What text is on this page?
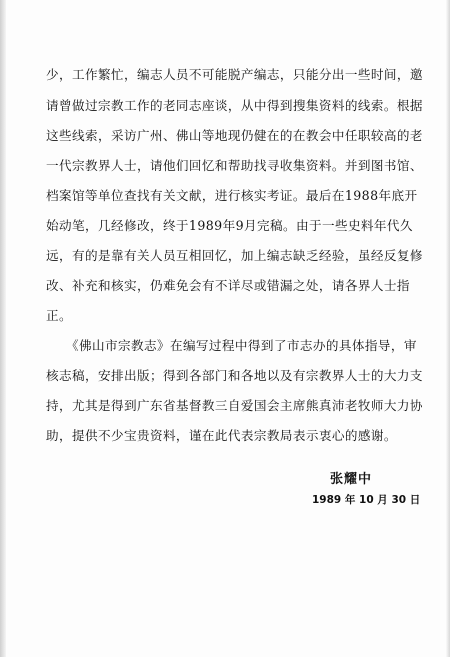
少，工作繁忙，编志人员不可能脱产编志，只能分出一些时间，邀
请曾做过宗教工作的老同志座谈，从中得到搜集资料的线索。根据
这些线索，采访广州、佛山等地现仍健在的在教会中任职较高的老
一代宗教界人士，请他们回忆和帮助找寻收集资料。并到图书馆、
档案馆等单位查找有关文献，进行核实考证。最后在1988年底开
始动笔，几经修改，终于1989年9月完稿。由于一些史料年代久
远，有的是靠有关人员互相回忆，加上编志缺乏经验，虽经反复修
改、补充和核实，仍难免会有不详尽或错漏之处，请各界人士指
正。
《佛山市宗教志》在编写过程中得到了市志办的具体指导，审
核志稿，安排出版；得到各部门和各地以及有宗教界人士的大力支
持，尤其是得到广东省基督教三自爱国会主席熊真沛老牧师大力协
助，提供不少宝贵资料，谨在此代表宗教局表示衷心的感谢。
张耀中
1989 年 10 月 30 日
